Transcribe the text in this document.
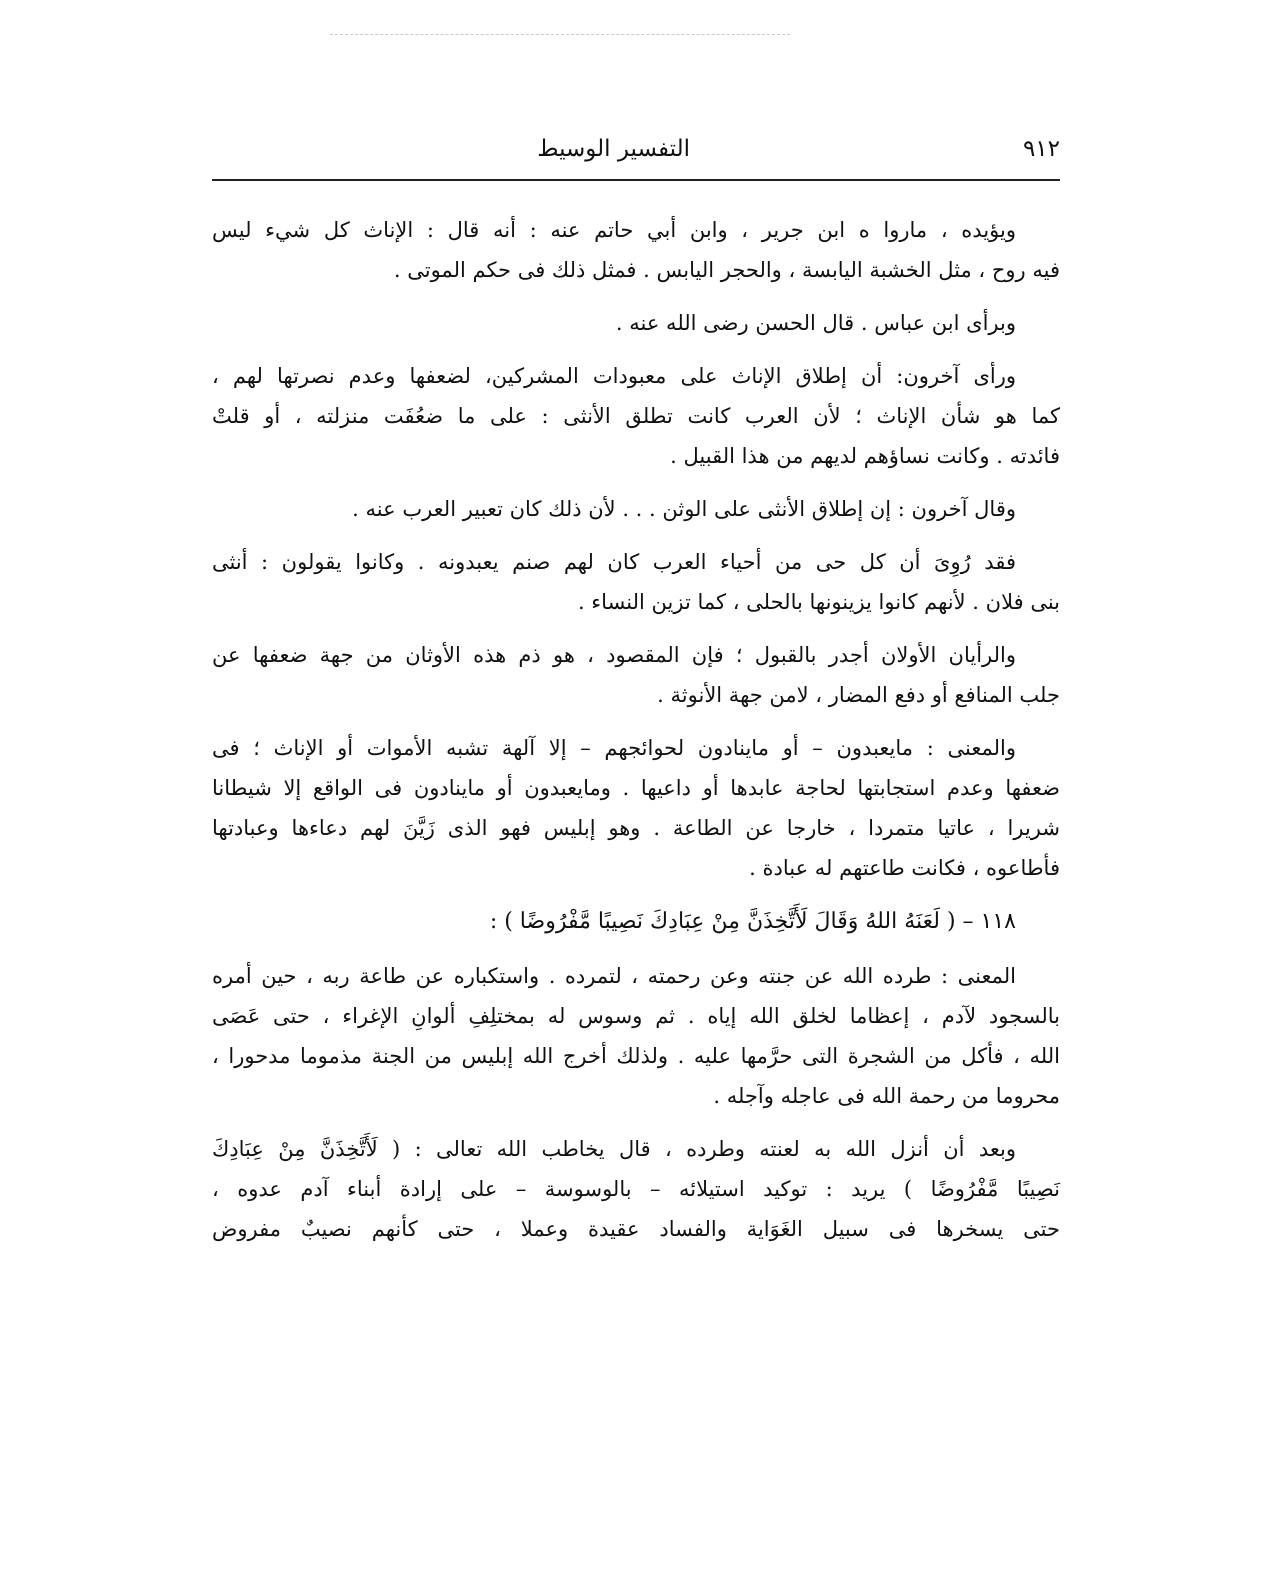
٩١٢
التفسير الوسيط

ويؤيده ، ماروا ه ابن جرير ، وابن أبي حاتم عنه : أنه قال : الإناث كل شيء ليس
فيه روح ، مثل الخشبة اليابسة ، والحجر اليابس . فمثل ذلك فى حكم الموتى .

وبرأى ابن عباس . قال الحسن رضى الله عنه .

ورأى آخرون: أن إطلاق الإناث على معبودات المشركين، لضعفها وعدم نصرتها لهم ،
كما هو شأن الإناث ؛ لأن العرب كانت تطلق الأنثى : على ما ضعُفَت منزلته ، أو قلتْ
فائدته . وكانت نساؤهم لديهم من هذا القبيل .

وقال آخرون : إن إطلاق الأنثى على الوثن . . . لأن ذلك كان تعبير العرب عنه .

فقد رُوِىَ أن كل حى من أحياء العرب كان لهم صنم يعبدونه . وكانوا يقولون : أنثى
بنى فلان . لأنهم كانوا يزينونها بالحلى ، كما تزين النساء .

والرأيان الأولان أجدر بالقبول ؛ فإن المقصود ، هو ذم هذه الأوثان من جهة ضعفها عن
جلب المنافع أو دفع المضار ، لامن جهة الأنوثة .

والمعنى : مايعبدون – أو ماينادون لحوائجهم – إلا آلهة تشبه الأموات أو الإناث ؛ فى
ضعفها وعدم استجابتها لحاجة عابدها أو داعيها . ومايعبدون أو ماينادون فى الواقع إلا شيطانا
شريرا ، عاتيا متمردا ، خارجا عن الطاعة . وهو إبليس فهو الذى زَيَّنَ لهم دعاءها وعبادتها
فأطاعوه ، فكانت طاعتهم له عبادة .

١١٨ – ( لَعَنَهُ اللهُ وَقَالَ لَأَتَّخِذَنَّ مِنْ عِبَادِكَ نَصِيبًا مَّفْرُوضًا ) :

المعنى : طرده الله عن جنته وعن رحمته ، لتمرده . واستكباره عن طاعة ربه ، حين أمره
بالسجود لآدم ، إعظاما لخلق الله إياه . ثم وسوس له بمختلِفِ ألوانِ الإغراء ، حتى عَصَى
الله ، فأكل من الشجرة التى حرَّمها عليه . ولذلك أخرج الله إبليس من الجنة مذموما مدحورا ،
محروما من رحمة الله فى عاجله وآجله .

وبعد أن أنزل الله به لعنته وطرده ، قال يخاطب الله تعالى : ( لَأَتَّخِذَنَّ مِنْ عِبَادِكَ
نَصِيبًا مَّفْرُوضًا ) يريد : توكيد استيلائه – بالوسوسة – على إرادة أبناء آدم عدوه ،
حتى يسخرها فى سبيل الغَوَاية والفساد عقيدة وعملا ، حتى كأنهم نصيبٌ مفروض
